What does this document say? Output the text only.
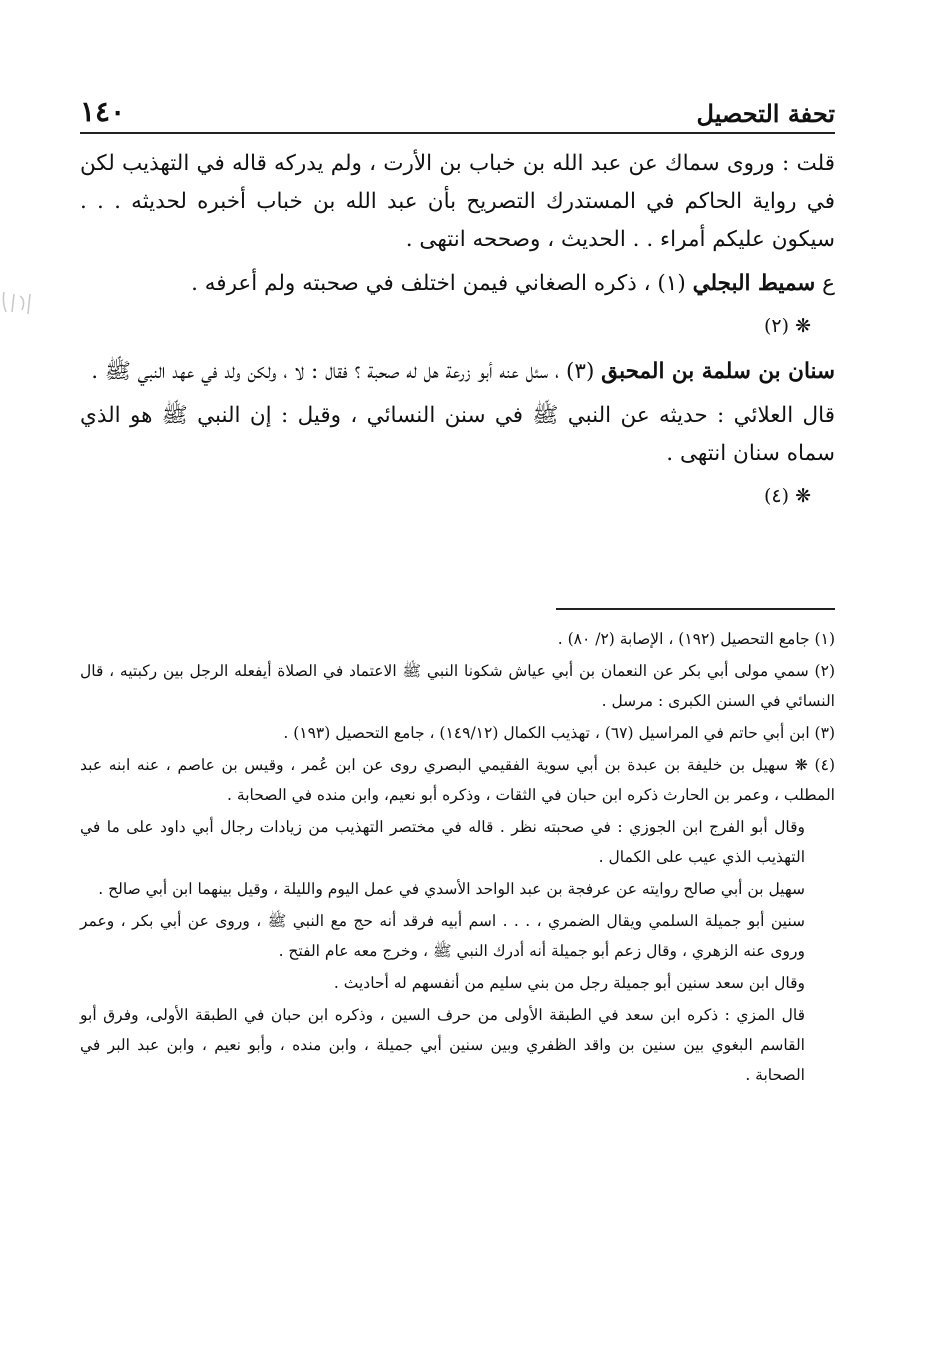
١٤٠	تحفة التحصيل

قلت : وروى سماك عن عبد الله بن خباب بن الأرت ، ولم يدركه قاله في التهذيب لكن في رواية الحاكم في المستدرك التصريح بأن عبد الله بن خباب أخبره لحديثه . . . سيكون عليكم أمراء . . الحديث ، وصححه انتهى .

ع سميط البجلي (١) ، ذكره الصغاني فيمن اختلف في صحبته ولم أعرفه .

❋ (٢)

سنان بن سلمة بن المحبق (٣) ، سئل عنه أبو زرعة هل له صحبة ؟ فقال : لا ، ولكن ولد في عهد النبي ﷺ .

قال العلائي : حديثه عن النبي ﷺ في سنن النسائي ، وقيل : إن النبي ﷺ هو الذي سماه سنان انتهى .

❋ (٤)

(١) جامع التحصيل (١٩٢) ، الإصابة (٢/ ٨٠) .

(٢) سمي مولى أبي بكر عن النعمان بن أبي عياش شكونا النبي ﷺ الاعتماد في الصلاة أيفعله الرجل بين ركبتيه ، قال النسائي في السنن الكبرى : مرسل .

(٣) ابن أبي حاتم في المراسيل (٦٧) ، تهذيب الكمال (١٤٩/١٢) ، جامع التحصيل (١٩٣) .

(٤) ❋ سهيل بن خليفة بن عبدة بن أبي سوية الفقيمي البصري روى عن ابن عُمر ، وقيس بن عاصم ، عنه ابنه عبد المطلب ، وعمر بن الحارث ذكره ابن حبان في الثقات ، وذكره أبو نعيم، وابن منده في الصحابة .

وقال أبو الفرج ابن الجوزي : في صحبته نظر . قاله في مختصر التهذيب من زيادات رجال أبي داود على ما في التهذيب الذي عيب على الكمال .

سهيل بن أبي صالح روايته عن عرفجة بن عبد الواحد الأسدي في عمل اليوم والليلة ، وقيل بينهما ابن أبي صالح .

سنين أبو جميلة السلمي ويقال الضمري ، . . . اسم أبيه فرقد أنه حج مع النبي ﷺ ، وروى عن أبي بكر ، وعمر وروى عنه الزهري ، وقال زعم أبو جميلة أنه أدرك النبي ﷺ ، وخرج معه عام الفتح .

وقال ابن سعد سنين أبو جميلة رجل من بني سليم من أنفسهم له أحاديث .

قال المزي : ذكره ابن سعد في الطبقة الأولى من حرف السين ، وذكره ابن حبان في الطبقة الأولى، وفرق أبو القاسم البغوي بين سنين بن واقد الظفري وبين سنين أبي جميلة ، وابن منده ، وأبو نعيم ، وابن عبد البر في الصحابة .
